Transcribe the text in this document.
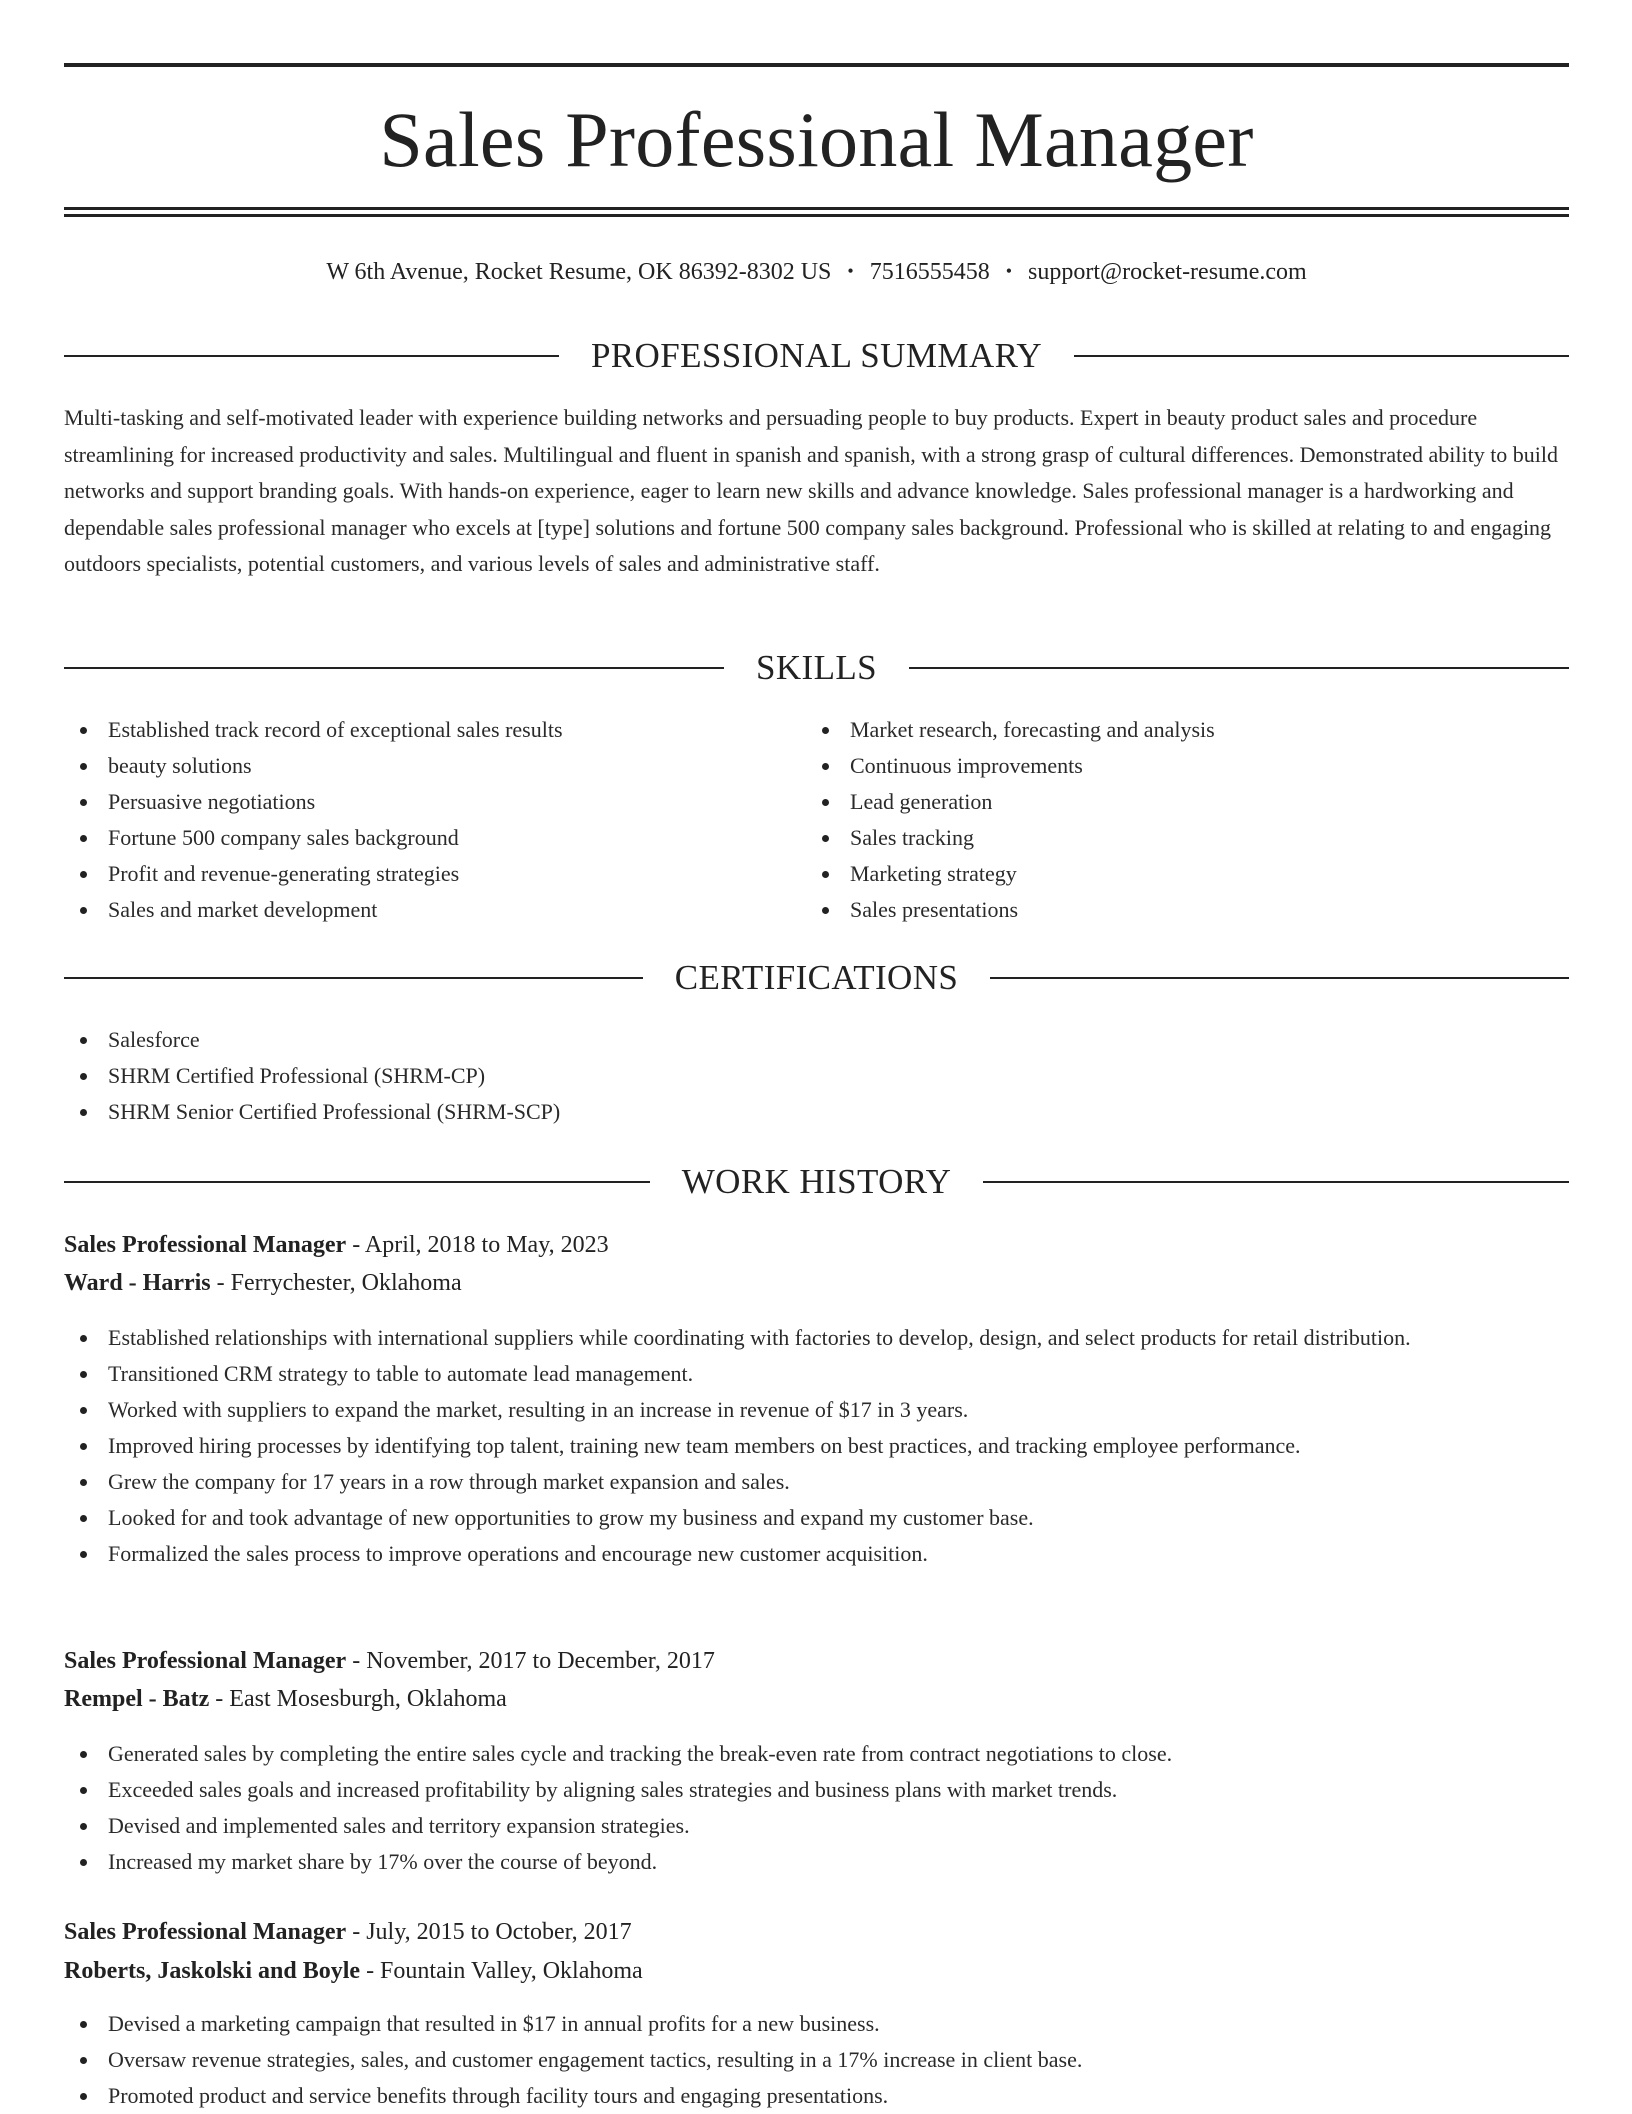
Sales Professional Manager
W 6th Avenue, Rocket Resume, OK 86392-8302 US • 7516555458 • support@rocket-resume.com
PROFESSIONAL SUMMARY

Multi-tasking and self-motivated leader with experience building networks and persuading people to buy products. Expert in beauty product sales and procedure streamlining for increased productivity and sales. Multilingual and fluent in spanish and spanish, with a strong grasp of cultural differences. Demonstrated ability to build networks and support branding goals. With hands-on experience, eager to learn new skills and advance knowledge. Sales professional manager is a hardworking and dependable sales professional manager who excels at [type] solutions and fortune 500 company sales background. Professional who is skilled at relating to and engaging outdoors specialists, potential customers, and various levels of sales and administrative staff.

SKILLS
Established track record of exceptional sales results
beauty solutions
Persuasive negotiations
Fortune 500 company sales background
Profit and revenue-generating strategies
Sales and market development
Market research, forecasting and analysis
Continuous improvements
Lead generation
Sales tracking
Marketing strategy
Sales presentations
CERTIFICATIONS
Salesforce
SHRM Certified Professional (SHRM-CP)
SHRM Senior Certified Professional (SHRM-SCP)
WORK HISTORY
Sales Professional Manager - April, 2018 to May, 2023
Ward - Harris - Ferrychester, Oklahoma
Established relationships with international suppliers while coordinating with factories to develop, design, and select products for retail distribution.
Transitioned CRM strategy to table to automate lead management.
Worked with suppliers to expand the market, resulting in an increase in revenue of $17 in 3 years.
Improved hiring processes by identifying top talent, training new team members on best practices, and tracking employee performance.
Grew the company for 17 years in a row through market expansion and sales.
Looked for and took advantage of new opportunities to grow my business and expand my customer base.
Formalized the sales process to improve operations and encourage new customer acquisition.
Sales Professional Manager - November, 2017 to December, 2017
Rempel - Batz - East Mosesburgh, Oklahoma
Generated sales by completing the entire sales cycle and tracking the break-even rate from contract negotiations to close.
Exceeded sales goals and increased profitability by aligning sales strategies and business plans with market trends.
Devised and implemented sales and territory expansion strategies.
Increased my market share by 17% over the course of beyond.
Sales Professional Manager - July, 2015 to October, 2017
Roberts, Jaskolski and Boyle - Fountain Valley, Oklahoma
Devised a marketing campaign that resulted in $17 in annual profits for a new business.
Oversaw revenue strategies, sales, and customer engagement tactics, resulting in a 17% increase in client base.
Promoted product and service benefits through facility tours and engaging presentations.
